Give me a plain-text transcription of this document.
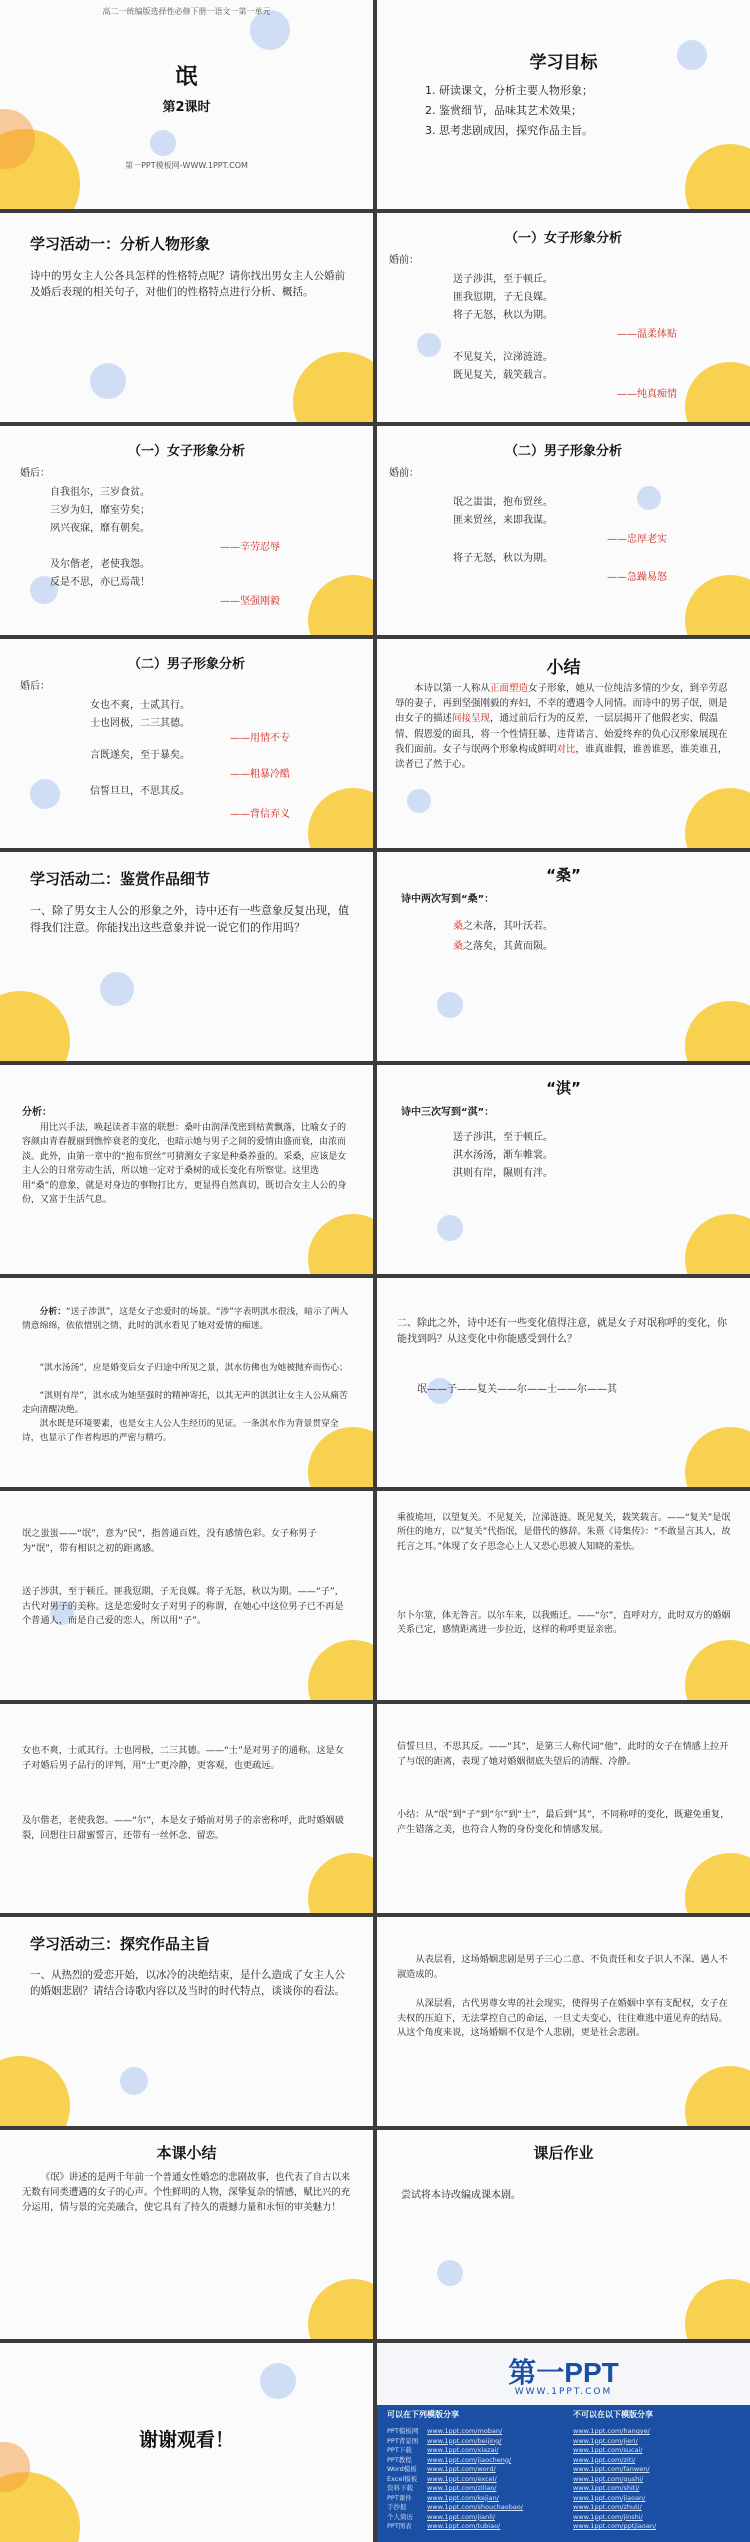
高二一统编版选择性必修下册一语文一第一单元
氓
第2课时
第一PPT模板网-WWW.1PPT.COM
学习目标
1. 研读课文，分析主要人物形象；
2. 鉴赏细节，品味其艺术效果；
3. 思考悲剧成因，探究作品主旨。
学习活动一：分析人物形象
诗中的男女主人公各具怎样的性格特点呢？请你找出男女主人公婚前及婚后表现的相关句子，对他们的性格特点进行分析、概括。
（一）女子形象分析
婚前：
送子涉淇，至于顿丘。
匪我愆期，子无良媒。
将子无怒，秋以为期。
——温柔体贴
不见复关，泣涕涟涟。
既见复关，载笑载言。
——纯真痴情
（一）女子形象分析
婚后：
自我徂尔，三岁食贫。
三岁为妇，靡室劳矣；
夙兴夜寐，靡有朝矣。
——辛劳忍辱
及尔偕老，老使我怨。
反是不思，亦已焉哉！
——坚强刚毅
（二）男子形象分析
婚前：
氓之蚩蚩，抱布贸丝。
匪来贸丝，来即我谋。
——忠厚老实
将子无怒，秋以为期。
——急躁易怒
（二）男子形象分析
婚后：
女也不爽，士贰其行。
士也罔极，二三其德。
——用情不专
言既遂矣，至于暴矣。
——粗暴冷酷
信誓旦旦，不思其反。
——背信弃义
小结
本诗以第一人称从正面塑造女子形象，她从一位纯洁多情的少女，到辛劳忍辱的妻子，再到坚强刚毅的弃妇，不幸的遭遇令人同情。而诗中的男子氓，则是由女子的描述间接呈现，通过前后行为的反差，一层层揭开了他假老实、假温情、假恩爱的面具，将一个性情狂暴、违背诺言、始爱终弃的负心汉形象展现在我们面前。女子与氓两个形象构成鲜明对比，谁真谁假，谁善谁恶，谁美谁丑，读者已了然于心。
学习活动二：鉴赏作品细节
一、除了男女主人公的形象之外，诗中还有一些意象反复出现，值得我们注意。你能找出这些意象并说一说它们的作用吗？
“桑”
诗中两次写到“桑”：
桑之未落，其叶沃若。
桑之落矣，其黄而陨。
分析：
用比兴手法，唤起读者丰富的联想：桑叶由润泽茂密到枯黄飘落，比喻女子的容颜由青春靓丽到憔悴衰老的变化，也暗示她与男子之间的爱情由盛而衰，由浓而淡。此外，由第一章中的“抱布贸丝”可猜测女子家是种桑养蚕的。采桑，应该是女主人公的日常劳动生活，所以她一定对于桑树的成长变化有所察觉。这里选用“桑”的意象，就是对身边的事物打比方，更显得自然真切，既切合女主人公的身份，又富于生活气息。
“淇”
诗中三次写到“淇”：
送子涉淇，至于顿丘。
淇水汤汤，渐车帷裳。
淇则有岸，隰则有泮。
分析：“送子涉淇”，这是女子恋爱时的场景。“涉”字表明淇水很浅，暗示了两人情意绵绵，依依惜别之情，此时的淇水看见了她对爱情的痴迷。
“淇水汤汤”，应是婚变后女子归途中所见之景，淇水仿佛也为她被抛弃而伤心；
“淇则有岸”，淇水成为她坚强时的精神寄托，以其无声的淇淇让女主人公从痛苦走向清醒决绝。
淇水既是环境要素，也是女主人公人生经历的见证。一条淇水作为背景贯穿全诗，也显示了作者构思的严密与精巧。
二、除此之外，诗中还有一些变化值得注意，就是女子对氓称呼的变化，你能找到吗？从这变化中你能感受到什么？
氓——子——复关——尔——士——尔——其
氓之蚩蚩——“氓”，意为“民”，指普通百姓，没有感情色彩。女子称男子为“氓”，带有相识之初的距离感。
送子涉淇，至于顿丘。匪我愆期，子无良媒。将子无怒，秋以为期。——“子”，古代对男子的美称。这是恋爱时女子对男子的称谓，在她心中这位男子已不再是个普通人，而是自己爱的恋人，所以用“子”。
乘彼垝垣，以望复关。不见复关，泣涕涟涟。既见复关，载笑载言。——“复关”是氓所住的地方，以“复关”代指氓，是借代的修辞。朱熹《诗集传》：“不敢显言其人，故托言之耳。”体现了女子思念心上人又恐心思被人知晓的羞怯。
尔卜尔筮，体无咎言。以尔车来，以我贿迁。——“尔”，直呼对方，此时双方的婚姻关系已定，感情距离进一步拉近，这样的称呼更显亲密。
女也不爽，士贰其行。士也罔极，二三其德。——“士”是对男子的通称。这是女子对婚后男子品行的评判，用“士”更冷静，更客观，也更疏远。
及尔偕老，老使我怨。——“尔”，本是女子婚前对男子的亲密称呼，此时婚姻破裂，回想往日甜蜜誓言，还带有一丝怀念、留恋。
信誓旦旦，不思其反。——“其”，是第三人称代词“他”，此时的女子在情感上拉开了与氓的距离，表现了她对婚姻彻底失望后的清醒、冷静。
小结：从“氓”到“子”到“尔”到“士”，最后到“其”，不同称呼的变化，既避免重复，产生错落之美，也符合人物的身份变化和情感发展。
学习活动三：探究作品主旨
一、从热烈的爱恋开始，以冰冷的决绝结束，是什么造成了女主人公的婚姻悲剧？请结合诗歌内容以及当时的时代特点，谈谈你的看法。
从表层看，这场婚姻悲剧是男子三心二意、不负责任和女子识人不深、遇人不淑造成的。
从深层看，古代男尊女卑的社会现实，使得男子在婚姻中享有支配权，女子在夫权的压迫下，无法掌控自己的命运，一旦丈夫变心，往往难逃中道见弃的结局。从这个角度来说，这场婚姻不仅是个人悲剧，更是社会悲剧。
本课小结
《氓》讲述的是两千年前一个普通女性婚恋的悲剧故事，也代表了自古以来无数有同类遭遇的女子的心声。个性鲜明的人物，深挚复杂的情感，赋比兴的充分运用，情与景的完美融合，使它具有了持久的震撼力量和永恒的审美魅力！
课后作业
尝试将本诗改编成课本剧。
谢谢观看！
第一PPT
WWW.1PPT.COM
可以在下列模版分享	不可以在以下模版分享
PPT模板网	www.1ppt.com/moban/	www.1ppt.com/hangye/
PPT背景图	www.1ppt.com/beijing/	www.1ppt.com/jieri/
PPT下载	www.1ppt.com/xiazai/	www.1ppt.com/sucai/
PPT教程	www.1ppt.com/jiaocheng/	www.1ppt.com/ziti/
Word模板	www.1ppt.com/word/	www.1ppt.com/fanwen/
Excel模板	www.1ppt.com/excel/	www.1ppt.com/gushi/
资料下载	www.1ppt.com/ziliao/	www.1ppt.com/shiti/
PPT课件	www.1ppt.com/kejian/	www.1ppt.com/jiaoan/
手抄报	www.1ppt.com/shouchaobao/	www.1ppt.com/zhuti/
个人简历	www.1ppt.com/jianli/	www.1ppt.com/jinshi/
PPT图表	www.1ppt.com/tubiao/	www.1ppt.com/pptjiaoan/
